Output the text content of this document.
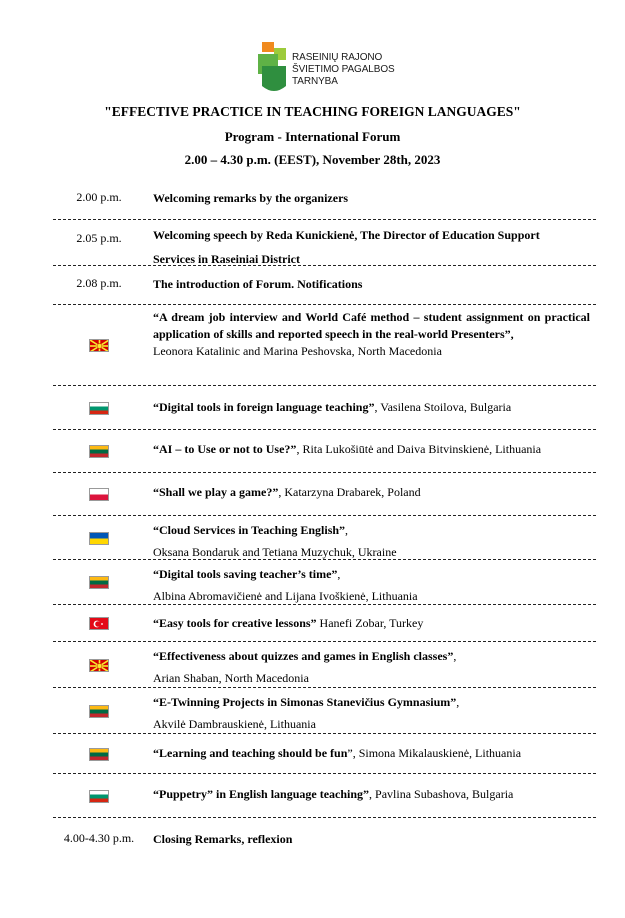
RASEINIŲ RAJONO
ŠVIETIMO PAGALBOS
TARNYBA
"EFFECTIVE PRACTICE IN TEACHING FOREIGN LANGUAGES"
Program - International Forum
2.00 – 4.30 p.m. (EEST), November 28th, 2023
2.00 p.m.	Welcoming remarks by the organizers
2.05 p.m.	Welcoming speech by Reda Kunickienė, The Director of Education Support
Services in Raseiniai District
2.08 p.m.	The introduction of Forum. Notifications
“A dream job interview and World Café method – student assignment on practical application of skills and reported speech in the real-world Presenters”,
Leonora Katalinic and Marina Peshovska, North Macedonia
“Digital tools in foreign language teaching”, Vasilena Stoilova, Bulgaria
“AI – to Use or not to Use?”, Rita Lukošiūtė and Daiva Bitvinskienė, Lithuania
“Shall we play a game?”, Katarzyna Drabarek, Poland
“Cloud Services in Teaching English”,
Oksana Bondaruk and Tetiana Muzychuk, Ukraine
“Digital tools saving teacher’s time”,
Albina Abromavičienė and Lijana Ivoškienė, Lithuania
“Easy tools for creative lessons” Hanefi Zobar, Turkey
“Effectiveness about quizzes and games in English classes”,
Arian Shaban, North Macedonia
“E-Twinning Projects in Simonas Stanevičius Gymnasium”,
Akvilė Dambrauskienė, Lithuania
“Learning and teaching should be fun”, Simona Mikalauskienė, Lithuania
“Puppetry” in English language teaching”, Pavlina Subashova, Bulgaria
4.00-4.30 p.m.	Closing Remarks, reflexion
